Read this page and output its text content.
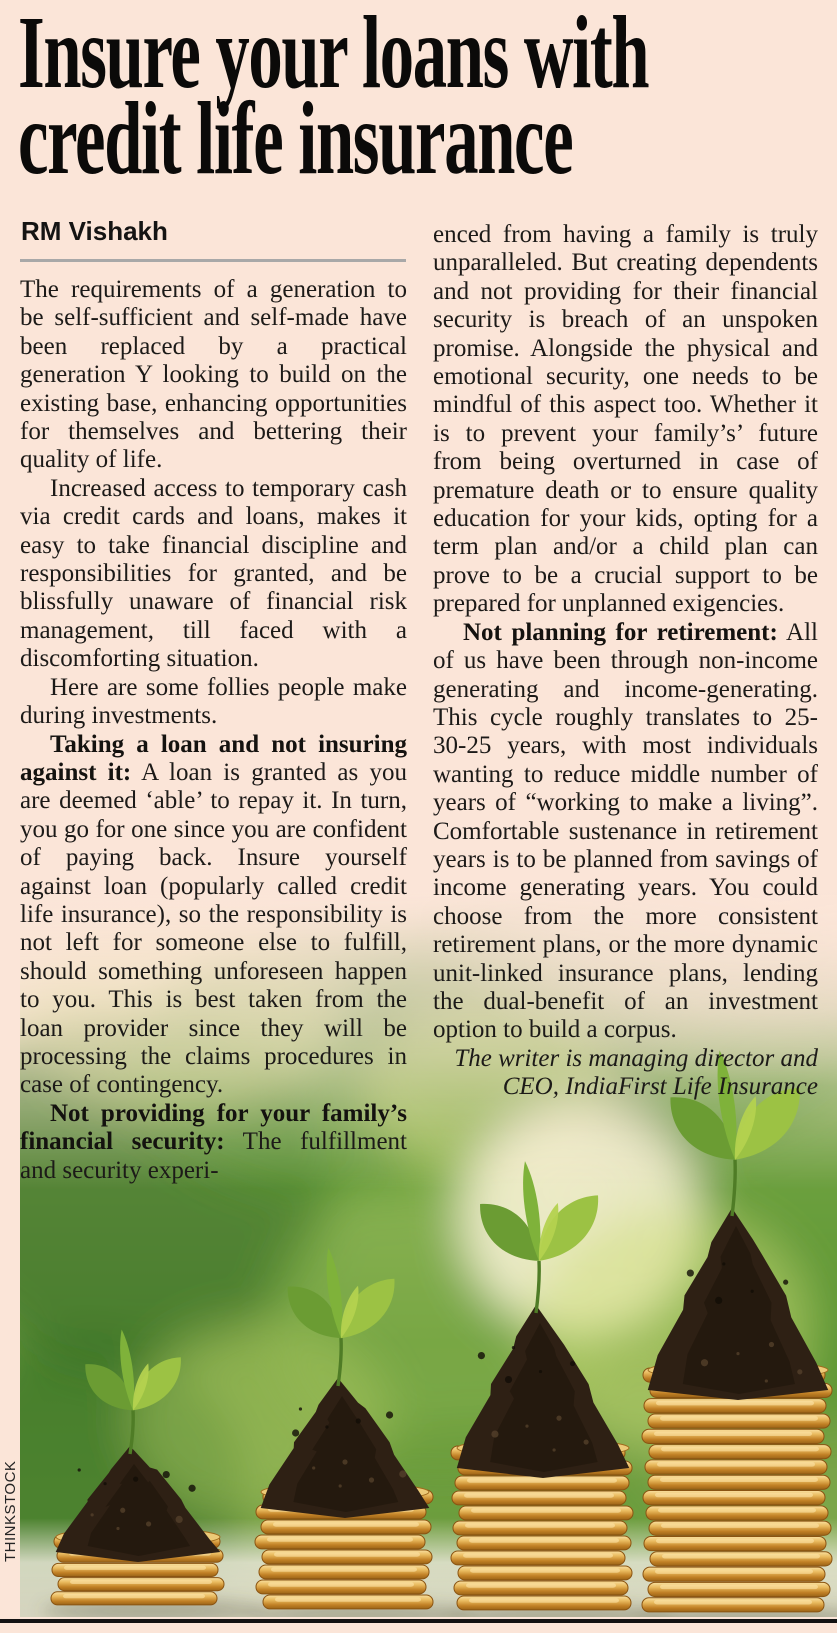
Insure your loans with
credit life insurance
RM Vishakh

The requirements of a generation to be self-sufficient and self-made have been replaced by a practical generation Y looking to build on the existing base, enhancing opportunities for themselves and bettering their quality of life.

Increased access to temporary cash via credit cards and loans, makes it easy to take financial discipline and responsibilities for granted, and be blissfully unaware of financial risk management, till faced with a discomforting situation.

Here are some follies people make during investments.

Taking a loan and not insuring against it: A loan is granted as you are deemed ‘able’ to repay it. In turn, you go for one since you are confident of paying back. Insure yourself against loan (popularly called credit life insurance), so the responsibility is not left for someone else to fulfill, should something unforeseen happen to you. This is best taken from the loan provider since they will be processing the claims procedures in case of contingency.

Not providing for your family’s financial security: The fulfillment and security experi-

enced from having a family is truly unparalleled. But creating dependents and not providing for their financial security is breach of an unspoken promise. Alongside the physical and emotional security, one needs to be mindful of this aspect too. Whether it is to prevent your family’s’ future from being overturned in case of premature death or to ensure quality education for your kids, opting for a term plan and/or a child plan can prove to be a crucial support to be prepared for unplanned exigencies.

Not planning for retirement: All of us have been through non-income generating and income-generating. This cycle roughly translates to 25-30-25 years, with most individuals wanting to reduce middle number of years of “working to make a living”. Comfortable sustenance in retirement years is to be planned from savings of income generating years. You could choose from the more consistent retirement plans, or the more dynamic unit-linked insurance plans, lending the dual-benefit of an investment option to build a corpus.

The writer is managing director and CEO, IndiaFirst Life Insurance

THINKSTOCK
